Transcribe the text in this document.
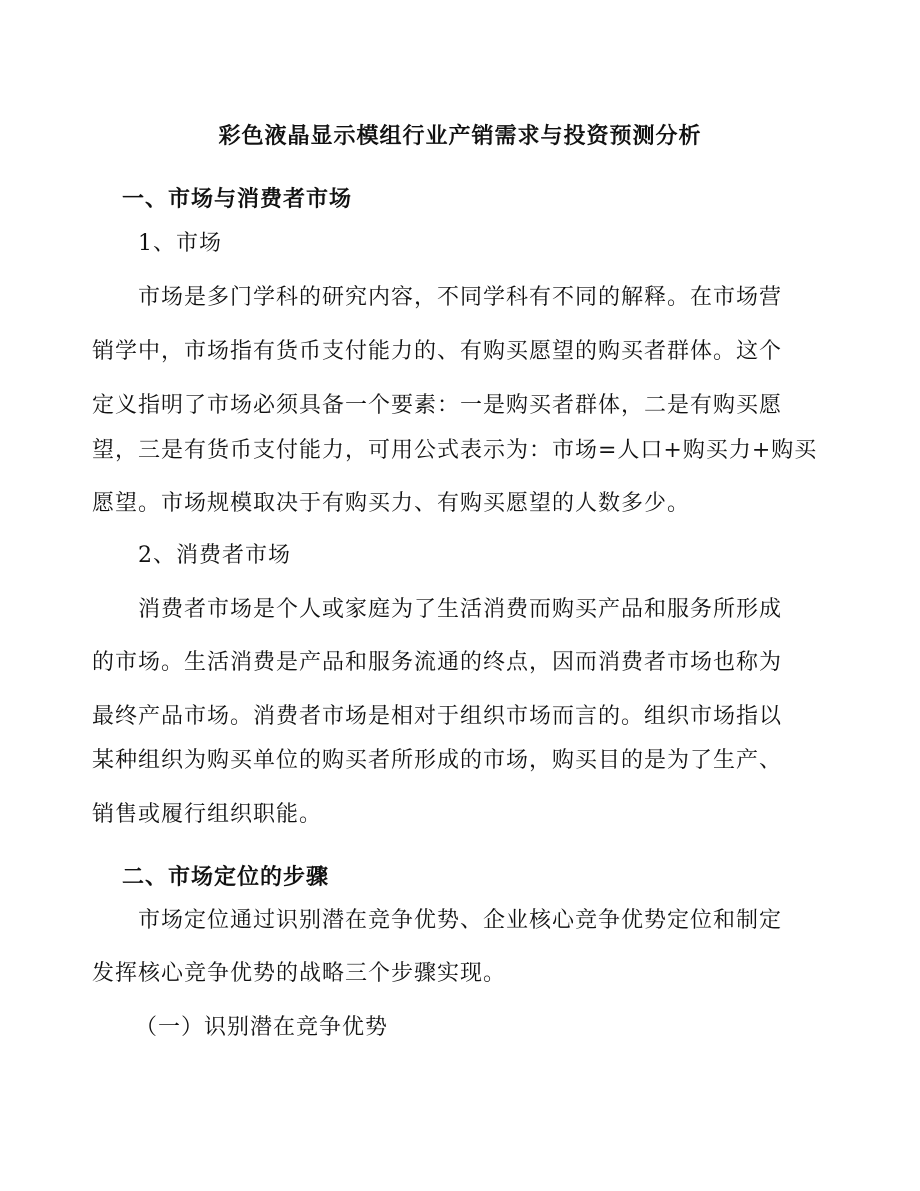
彩色液晶显示模组行业产销需求与投资预测分析
一、市场与消费者市场
1、市场
市场是多门学科的研究内容，不同学科有不同的解释。在市场营
销学中，市场指有货币支付能力的、有购买愿望的购买者群体。这个
定义指明了市场必须具备一个要素：一是购买者群体，二是有购买愿
望，三是有货币支付能力，可用公式表示为：市场=人口+购买力+购买
愿望。市场规模取决于有购买力、有购买愿望的人数多少。
2、消费者市场
消费者市场是个人或家庭为了生活消费而购买产品和服务所形成
的市场。生活消费是产品和服务流通的终点，因而消费者市场也称为
最终产品市场。消费者市场是相对于组织市场而言的。组织市场指以
某种组织为购买单位的购买者所形成的市场，购买目的是为了生产、
销售或履行组织职能。
二、市场定位的步骤
市场定位通过识别潜在竞争优势、企业核心竞争优势定位和制定
发挥核心竞争优势的战略三个步骤实现。
（一）识别潜在竞争优势
